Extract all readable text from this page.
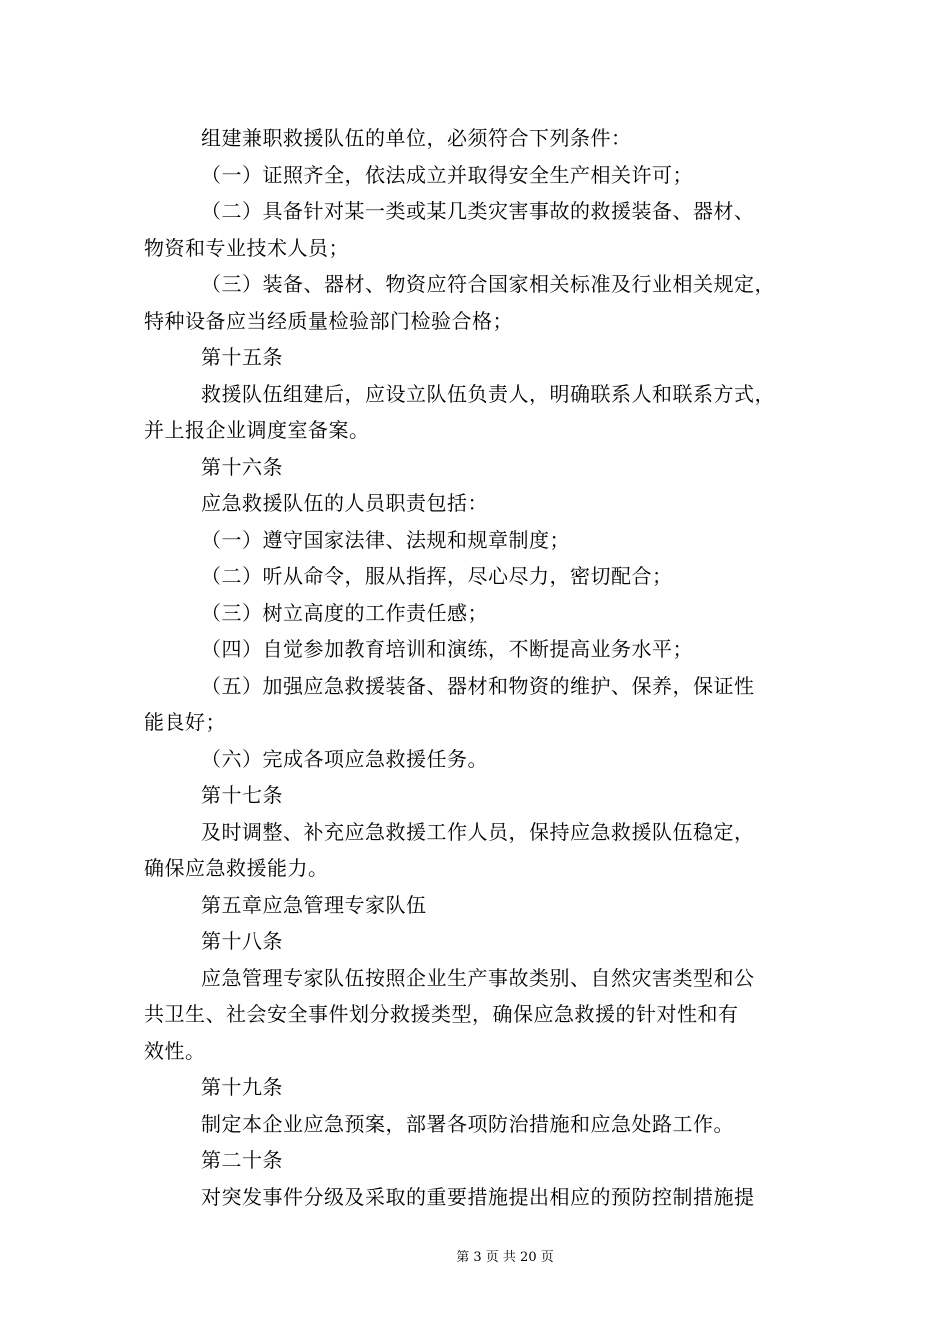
组建兼职救援队伍的单位，必须符合下列条件：
（一）证照齐全，依法成立并取得安全生产相关许可；
（二）具备针对某一类或某几类灾害事故的救援装备、器材、
物资和专业技术人员；
（三）装备、器材、物资应符合国家相关标准及行业相关规定，
特种设备应当经质量检验部门检验合格；
第十五条
救援队伍组建后，应设立队伍负责人，明确联系人和联系方式，
并上报企业调度室备案。
第十六条
应急救援队伍的人员职责包括：
（一）遵守国家法律、法规和规章制度；
（二）听从命令，服从指挥，尽心尽力，密切配合；
（三）树立高度的工作责任感；
（四）自觉参加教育培训和演练，不断提高业务水平；
（五）加强应急救援装备、器材和物资的维护、保养，保证性
能良好；
（六）完成各项应急救援任务。
第十七条
及时调整、补充应急救援工作人员，保持应急救援队伍稳定，
确保应急救援能力。
第五章应急管理专家队伍
第十八条
应急管理专家队伍按照企业生产事故类别、自然灾害类型和公
共卫生、社会安全事件划分救援类型，确保应急救援的针对性和有
效性。
第十九条
制定本企业应急预案，部署各项防治措施和应急处路工作。
第二十条
对突发事件分级及采取的重要措施提出相应的预防控制措施提
第 3 页 共 20 页
